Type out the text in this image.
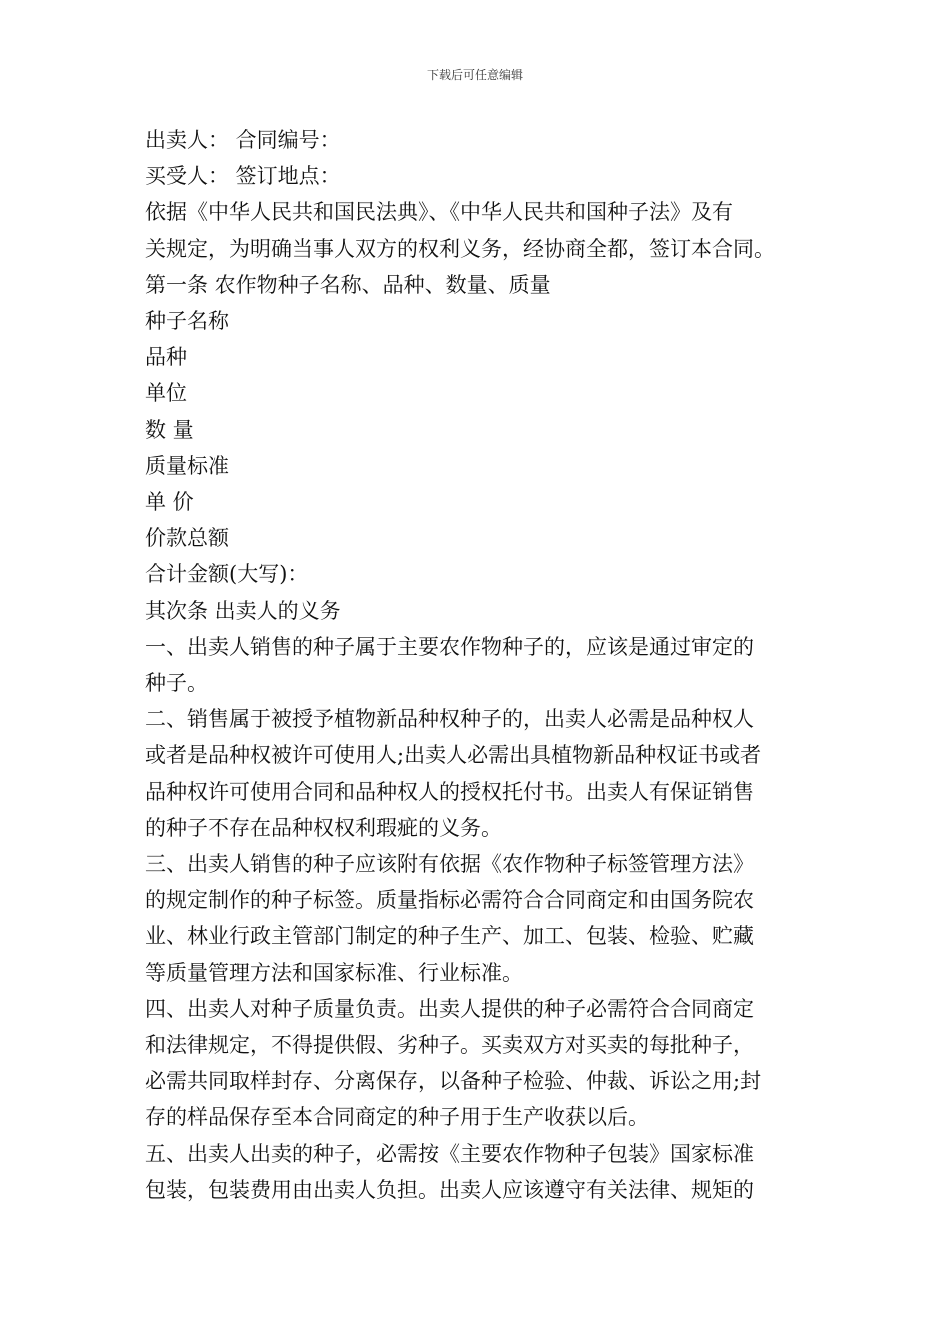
下载后可任意编辑
出卖人： 合同编号：
买受人： 签订地点：
依据《中华人民共和国民法典》、《中华人民共和国种子法》及有
关规定，为明确当事人双方的权利义务，经协商全都，签订本合同。
第一条 农作物种子名称、品种、数量、质量
种子名称
品种
单位
数 量
质量标准
单 价
价款总额
合计金额(大写)：
其次条 出卖人的义务
一、出卖人销售的种子属于主要农作物种子的，应该是通过审定的
种子。
二、销售属于被授予植物新品种权种子的，出卖人必需是品种权人
或者是品种权被许可使用人;出卖人必需出具植物新品种权证书或者
品种权许可使用合同和品种权人的授权托付书。出卖人有保证销售
的种子不存在品种权权利瑕疵的义务。
三、出卖人销售的种子应该附有依据《农作物种子标签管理方法》
的规定制作的种子标签。质量指标必需符合合同商定和由国务院农
业、林业行政主管部门制定的种子生产、加工、包装、检验、贮藏
等质量管理方法和国家标准、行业标准。
四、出卖人对种子质量负责。出卖人提供的种子必需符合合同商定
和法律规定，不得提供假、劣种子。买卖双方对买卖的每批种子，
必需共同取样封存、分离保存，以备种子检验、仲裁、诉讼之用;封
存的样品保存至本合同商定的种子用于生产收获以后。
五、出卖人出卖的种子，必需按《主要农作物种子包装》国家标准
包装，包装费用由出卖人负担。出卖人应该遵守有关法律、规矩的
